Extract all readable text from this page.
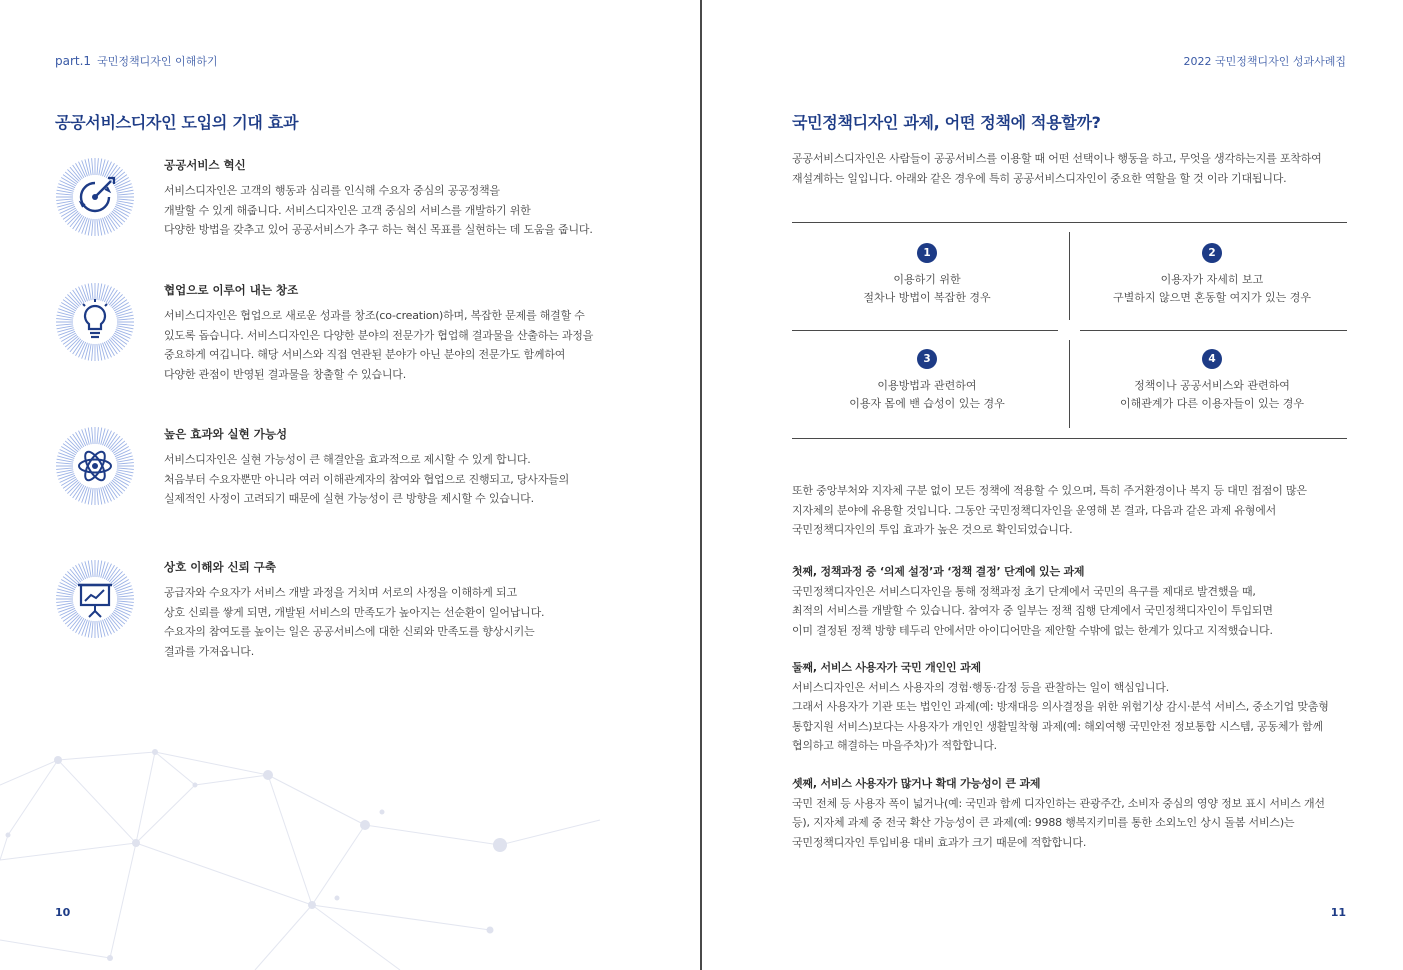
part.1 국민정책디자인 이해하기
공공서비스디자인 도입의 기대 효과
공공서비스 혁신
서비스디자인은 고객의 행동과 심리를 인식해 수요자 중심의 공공정책을
개발할 수 있게 해줍니다. 서비스디자인은 고객 중심의 서비스를 개발하기 위한
다양한 방법을 갖추고 있어 공공서비스가 추구 하는 혁신 목표를 실현하는 데 도움을 줍니다.
협업으로 이루어 내는 창조
서비스디자인은 협업으로 새로운 성과를 창조(co-creation)하며, 복잡한 문제를 해결할 수
있도록 돕습니다. 서비스디자인은 다양한 분야의 전문가가 협업해 결과물을 산출하는 과정을
중요하게 여깁니다. 해당 서비스와 직접 연관된 분야가 아닌 분야의 전문가도 함께하여
다양한 관점이 반영된 결과물을 창출할 수 있습니다.
높은 효과와 실현 가능성
서비스디자인은 실현 가능성이 큰 해결안을 효과적으로 제시할 수 있게 합니다.
처음부터 수요자뿐만 아니라 여러 이해관계자의 참여와 협업으로 진행되고, 당사자들의
실제적인 사정이 고려되기 때문에 실현 가능성이 큰 방향을 제시할 수 있습니다.
상호 이해와 신뢰 구축
공급자와 수요자가 서비스 개발 과정을 거치며 서로의 사정을 이해하게 되고
상호 신뢰를 쌓게 되면, 개발된 서비스의 만족도가 높아지는 선순환이 일어납니다.
수요자의 참여도를 높이는 일은 공공서비스에 대한 신뢰와 만족도를 향상시키는
결과를 가져옵니다.
10
2022 국민정책디자인 성과사례집
국민정책디자인 과제, 어떤 정책에 적용할까?
공공서비스디자인은 사람들이 공공서비스를 이용할 때 어떤 선택이나 행동을 하고, 무엇을 생각하는지를 포착하여
재설계하는 일입니다. 아래와 같은 경우에 특히 공공서비스디자인이 중요한 역할을 할 것 이라 기대됩니다.
1
이용하기 위한
절차나 방법이 복잡한 경우
2
이용자가 자세히 보고
구별하지 않으면 혼동할 여지가 있는 경우
3
이용방법과 관련하여
이용자 몸에 밴 습성이 있는 경우
4
정책이나 공공서비스와 관련하여
이해관계가 다른 이용자들이 있는 경우
또한 중앙부처와 지자체 구분 없이 모든 정책에 적용할 수 있으며, 특히 주거환경이나 복지 등 대민 접점이 많은
지자체의 분야에 유용할 것입니다. 그동안 국민정책디자인을 운영해 본 결과, 다음과 같은 과제 유형에서
국민정책디자인의 투입 효과가 높은 것으로 확인되었습니다.
첫째, 정책과정 중 ‘의제 설정’과 ‘정책 결정’ 단계에 있는 과제
국민정책디자인은 서비스디자인을 통해 정책과정 초기 단계에서 국민의 욕구를 제대로 발견했을 때,
최적의 서비스를 개발할 수 있습니다. 참여자 중 일부는 정책 집행 단계에서 국민정책디자인이 투입되면
이미 결정된 정책 방향 테두리 안에서만 아이디어만을 제안할 수밖에 없는 한계가 있다고 지적했습니다.
둘째, 서비스 사용자가 국민 개인인 과제
서비스디자인은 서비스 사용자의 경험·행동·감정 등을 관찰하는 일이 핵심입니다.
그래서 사용자가 기관 또는 법인인 과제(예: 방재대응 의사결정을 위한 위험기상 감시·분석 서비스, 중소기업 맞춤형
통합지원 서비스)보다는 사용자가 개인인 생활밀착형 과제(예: 해외여행 국민안전 정보통합 시스템, 공동체가 함께
협의하고 해결하는 마을주차)가 적합합니다.
셋째, 서비스 사용자가 많거나 확대 가능성이 큰 과제
국민 전체 등 사용자 폭이 넓거나(예: 국민과 함께 디자인하는 관광주간, 소비자 중심의 영양 정보 표시 서비스 개선
등), 지자체 과제 중 전국 확산 가능성이 큰 과제(예: 9988 행복지키미를 통한 소외노인 상시 돌봄 서비스)는
국민정책디자인 투입비용 대비 효과가 크기 때문에 적합합니다.
11
